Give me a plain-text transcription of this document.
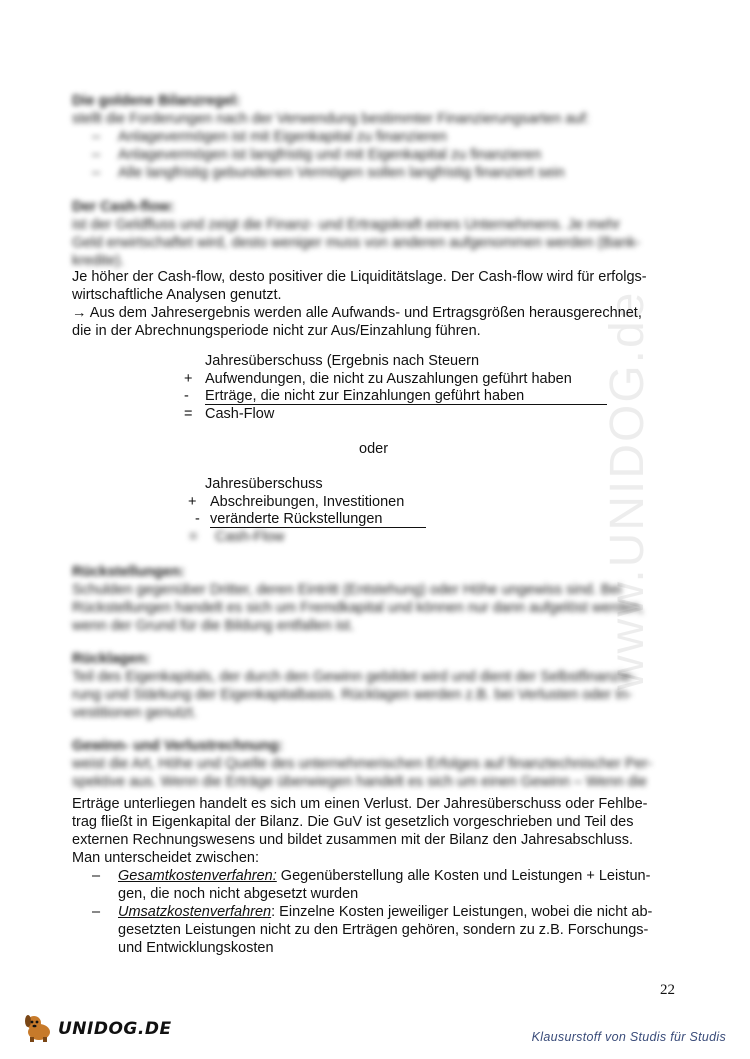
www.UNIDOG.de
Die goldene Bilanzregel:
stellt die Forderungen nach der Verwendung bestimmter Finanzierungsarten auf:
– Anlagevermögen ist mit Eigenkapital zu finanzieren
– Anlagevermögen ist langfristig und mit Eigenkapital zu finanzieren
– Alle langfristig gebundenen Vermögen sollen langfristig finanziert sein
Der Cash-flow:
ist der Geldfluss und zeigt die Finanz- und Ertragskraft eines Unternehmens. Je mehr
Geld erwirtschaftet wird, desto weniger muss von anderen aufgenommen werden (Bank-
kredite).
Je höher der Cash-flow, desto positiver die Liquiditätslage. Der Cash-flow wird für erfolgs-
wirtschaftliche Analysen genutzt.
→ Aus dem Jahresergebnis werden alle Aufwands- und Ertragsgrößen herausgerechnet,
die in der Abrechnungsperiode nicht zur Aus/Einzahlung führen.
Jahresüberschuss (Ergebnis nach Steuern
+ Aufwendungen, die nicht zu Auszahlungen geführt haben
- Erträge, die nicht zur Einzahlungen geführt haben
= Cash-Flow
oder
Jahresüberschuss
+ Abschreibungen, Investitionen
- veränderte Rückstellungen
= Cash-Flow
Rückstellungen:
Schulden gegenüber Dritter, deren Eintritt (Entstehung) oder Höhe ungewiss sind. Bei
Rückstellungen handelt es sich um Fremdkapital und können nur dann aufgelöst werden,
wenn der Grund für die Bildung entfallen ist.
Rücklagen:
Teil des Eigenkapitals, der durch den Gewinn gebildet wird und dient der Selbstfinanzie-
rung und Stärkung der Eigenkapitalbasis. Rücklagen werden z.B. bei Verlusten oder In-
vestitionen genutzt.
Gewinn- und Verlustrechnung:
weist die Art, Höhe und Quelle des unternehmerischen Erfolges auf finanztechnischer Per-
spektive aus. Wenn die Erträge überwiegen handelt es sich um einen Gewinn – Wenn die
Erträge unterliegen handelt es sich um einen Verlust. Der Jahresüberschuss oder Fehlbe-
trag fließt in Eigenkapital der Bilanz. Die GuV ist gesetzlich vorgeschrieben und Teil des
externen Rechnungswesens und bildet zusammen mit der Bilanz den Jahresabschluss.
Man unterscheidet zwischen:
– Gesamtkostenverfahren: Gegenüberstellung alle Kosten und Leistungen + Leistun-
gen, die noch nicht abgesetzt wurden
– Umsatzkostenverfahren: Einzelne Kosten jeweiliger Leistungen, wobei die nicht ab-
gesetzten Leistungen nicht zu den Erträgen gehören, sondern zu z.B. Forschungs-
und Entwicklungskosten
22
UNIDOG.DE	Klausurstoff von Studis für Studis
